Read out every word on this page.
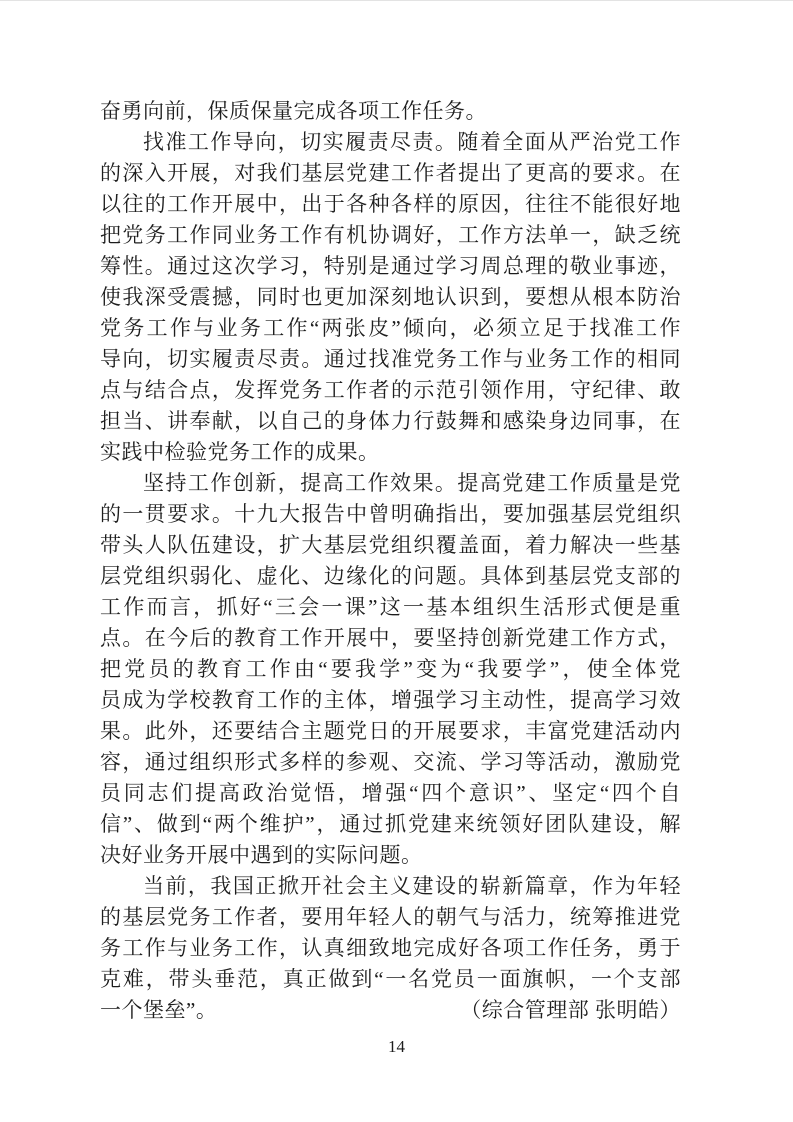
奋勇向前，保质保量完成各项工作任务。
找准工作导向，切实履责尽责。随着全面从严治党工作
的深入开展，对我们基层党建工作者提出了更高的要求。在
以往的工作开展中，出于各种各样的原因，往往不能很好地
把党务工作同业务工作有机协调好，工作方法单一，缺乏统
筹性。通过这次学习，特别是通过学习周总理的敬业事迹，
使我深受震撼，同时也更加深刻地认识到，要想从根本防治
党务工作与业务工作“两张皮”倾向，必须立足于找准工作
导向，切实履责尽责。通过找准党务工作与业务工作的相同
点与结合点，发挥党务工作者的示范引领作用，守纪律、敢
担当、讲奉献，以自己的身体力行鼓舞和感染身边同事，在
实践中检验党务工作的成果。
坚持工作创新，提高工作效果。提高党建工作质量是党
的一贯要求。十九大报告中曾明确指出，要加强基层党组织
带头人队伍建设，扩大基层党组织覆盖面，着力解决一些基
层党组织弱化、虚化、边缘化的问题。具体到基层党支部的
工作而言，抓好“三会一课”这一基本组织生活形式便是重
点。在今后的教育工作开展中，要坚持创新党建工作方式，
把党员的教育工作由“要我学”变为“我要学”，使全体党
员成为学校教育工作的主体，增强学习主动性，提高学习效
果。此外，还要结合主题党日的开展要求，丰富党建活动内
容，通过组织形式多样的参观、交流、学习等活动，激励党
员同志们提高政治觉悟，增强“四个意识”、坚定“四个自
信”、做到“两个维护”，通过抓党建来统领好团队建设，解
决好业务开展中遇到的实际问题。
当前，我国正掀开社会主义建设的崭新篇章，作为年轻
的基层党务工作者，要用年轻人的朝气与活力，统筹推进党
务工作与业务工作，认真细致地完成好各项工作任务，勇于
克难，带头垂范，真正做到“一名党员一面旗帜，一个支部
一个堡垒”。	（综合管理部 张明皓）
14
